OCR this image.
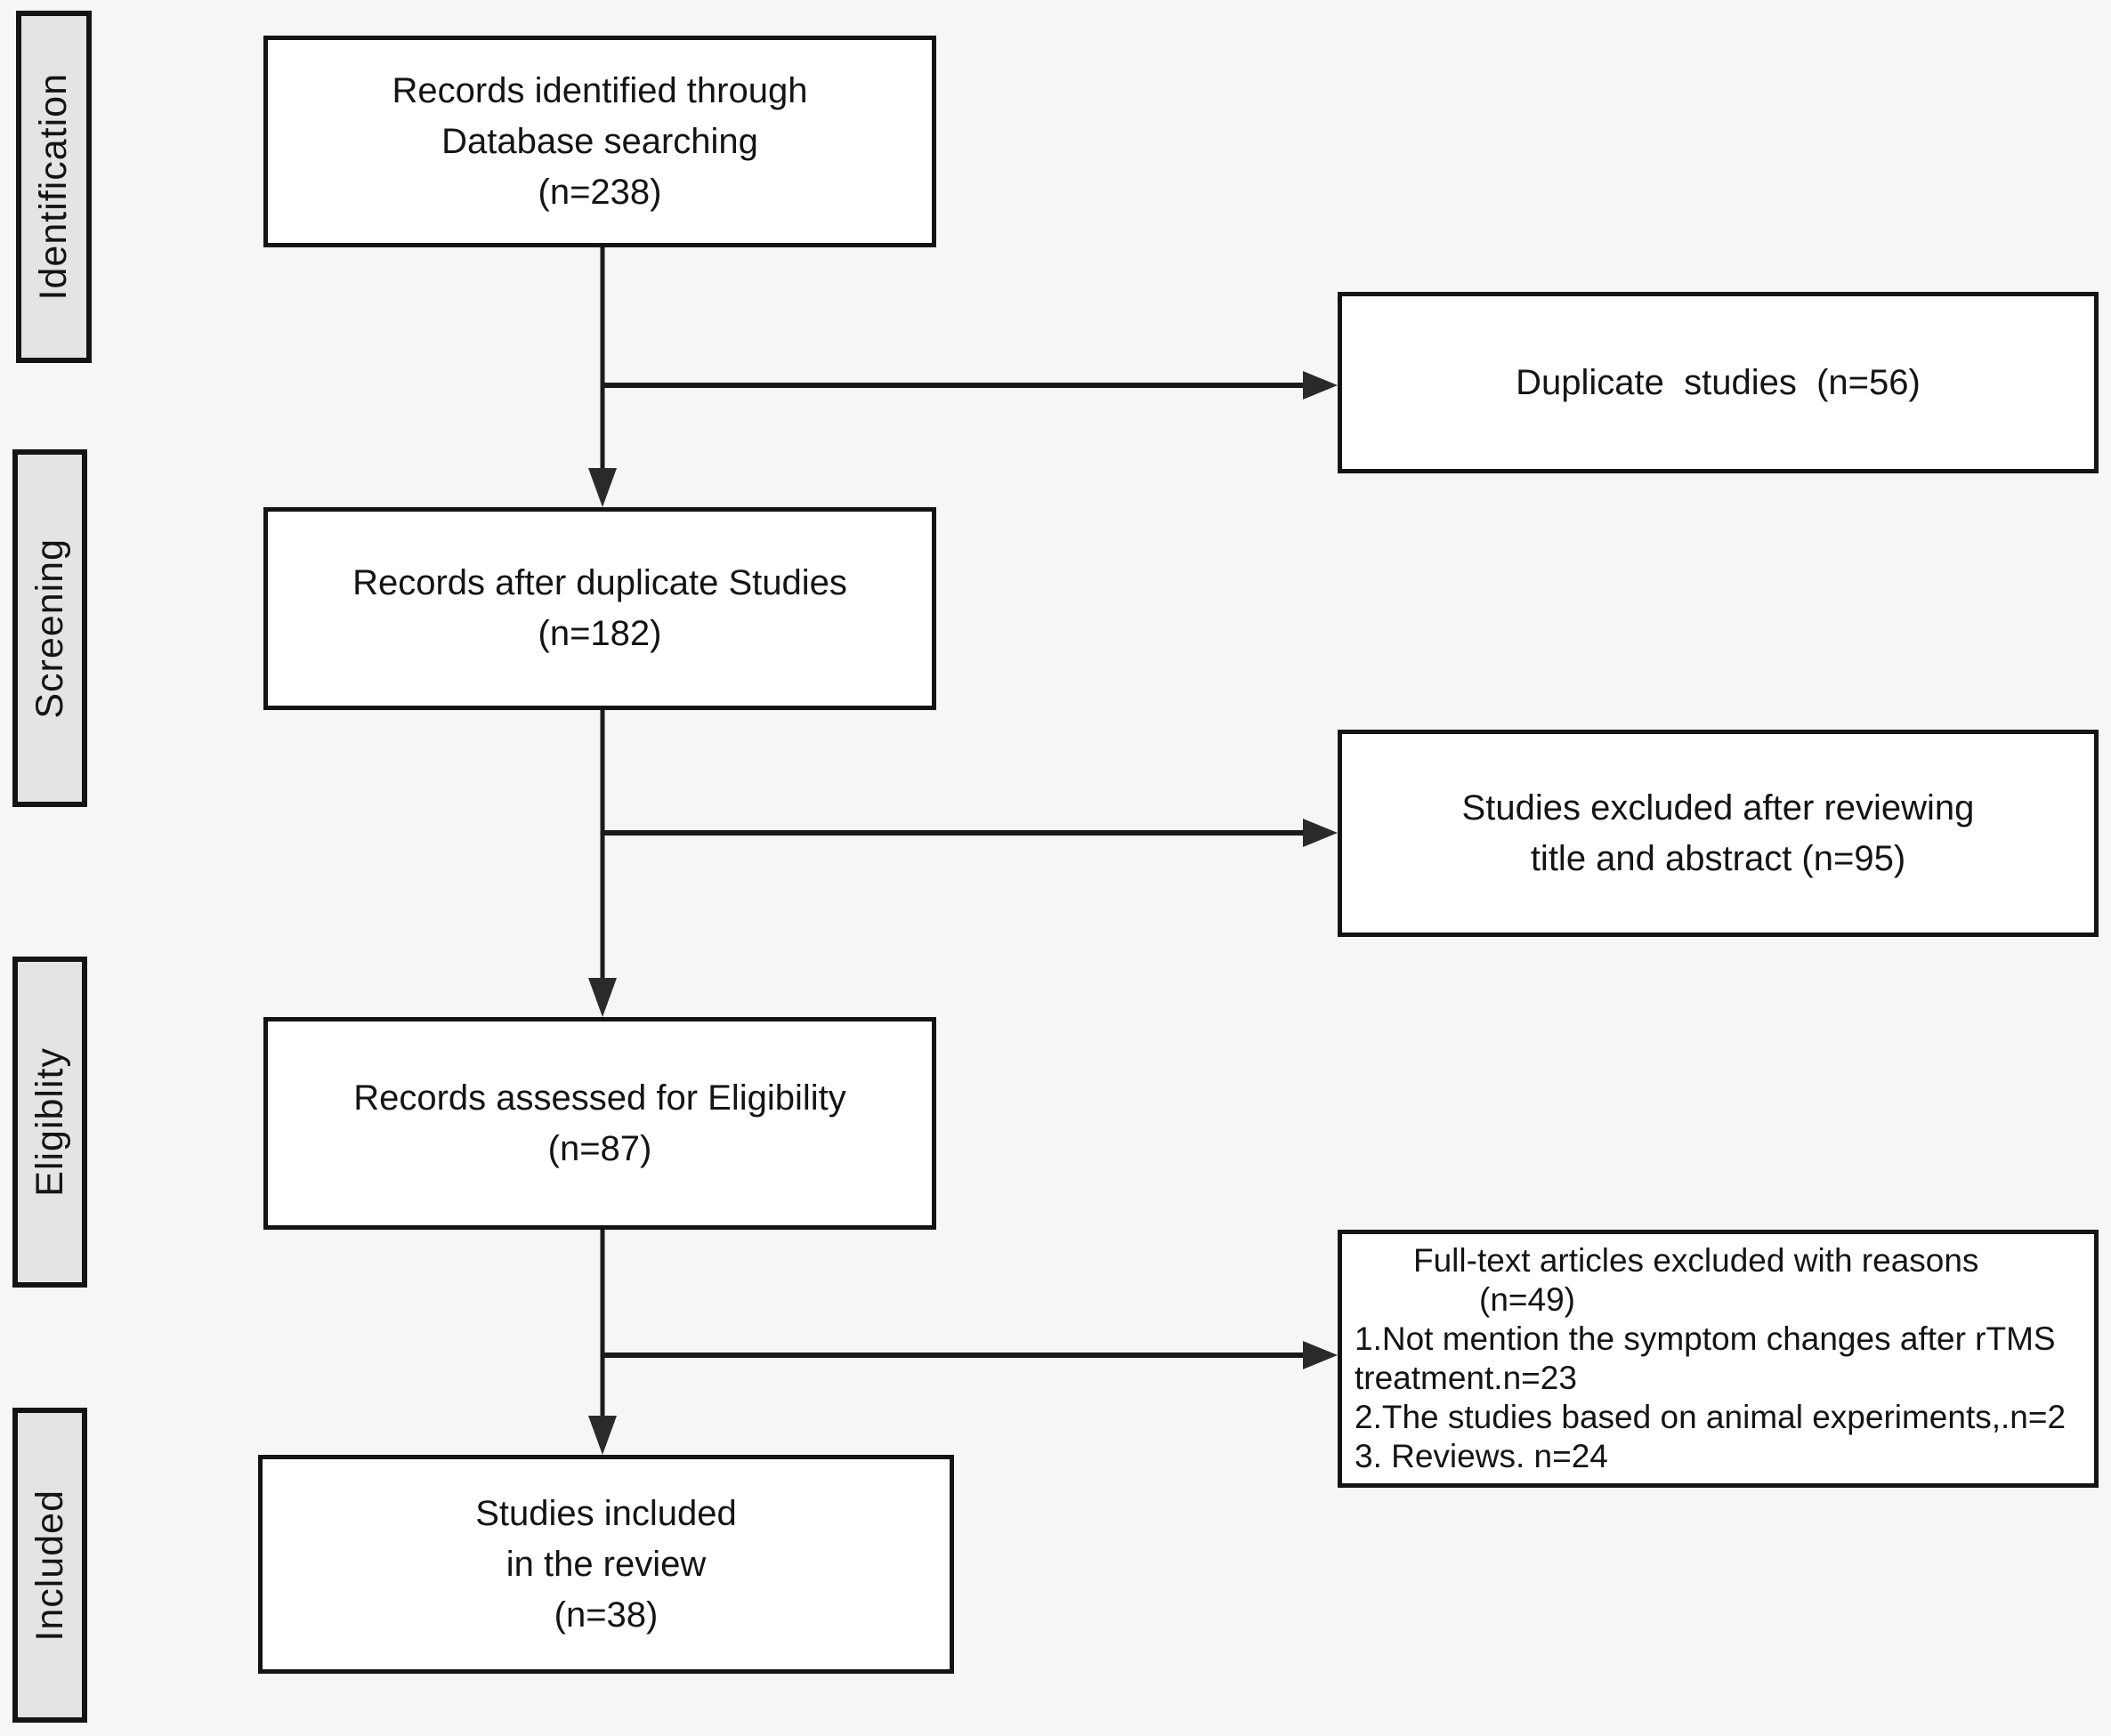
Identification
Screening
Eligiblity
Included
Records identified through
Database searching
(n=238)
Records after duplicate Studies
(n=182)
Records assessed for Eligibility
(n=87)
Studies included
in the review
(n=38)
Duplicate  studies  (n=56)
Studies excluded after reviewing
title and abstract (n=95)
Full-text articles excluded with reasons
(n=49)
1.Not mention the symptom changes after rTMS
treatment.n=23
2.The studies based on animal experiments,.n=2
3. Reviews. n=24
